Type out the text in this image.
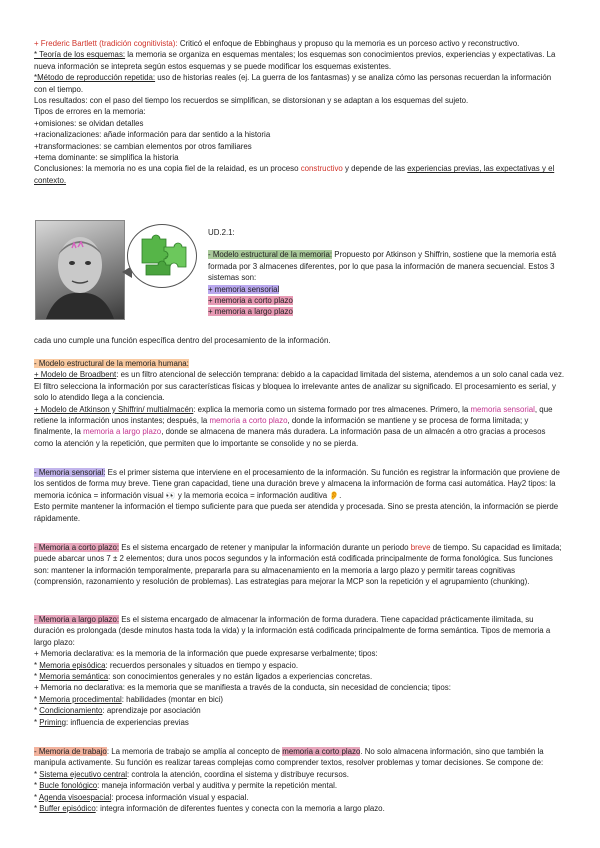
+ Frederic Bartlett (tradición cognitivista): Criticó el enfoque de Ebbinghaus y propuso qu la memoria es un porceso activo y reconstructivo.

* Teoría de los esquemas: la memoria se organiza en esquemas mentales; los esquemas son conocimientos previos, experiencias y expectativas. La nueva información se intepreta según estos esquemas y se puede modificar los esquemas existentes.

*Método de reproducción repetida: uso de historias reales (ej. La guerra de los fantasmas) y se analiza cómo las personas recuerdan la información con el tiempo.

Los resultados: con el paso del tiempo los recuerdos se simplifican, se distorsionan y se adaptan a los esquemas del sujeto.

Tipos de errores en la memoria:

+omisiones: se olvidan detalles

+racionalizaciones: añade información para dar sentido a la historia

+transformaciones: se cambian elementos por otros familiares

+tema dominante: se simplifica la historia

Conclusiones: la memoria no es una copia fiel de la relaidad, es un proceso constructivo y depende de las experiencias previas, las expectativas y el contexto.

UD.2.1:

- Modelo estructural de la memoria: Propuesto por Atkinson y Shiffrin, sostiene que la memoria está formada por 3 almacenes diferentes, por lo que pasa la información de manera secuencial. Estos 3 sistemas son:

+ memoria sensorial

+ memoria a corto plazo

+ memoria a largo plazo

cada uno cumple una función específica dentro del procesamiento de la información.

- Modelo estructural de la memoria humana:

+ Modelo de Broadbent: es un filtro atencional de selección temprana: debido a la capacidad limitada del sistema, atendemos a un solo canal cada vez. El filtro selecciona la información por sus características físicas y bloquea lo irrelevante antes de analizar su significado. El procesamiento es serial, y solo lo atendido llega a la conciencia.

+ Modelo de Atkinson y Shiffrin/ multialmacén: explica la memoria como un sistema formado por tres almacenes. Primero, la memoria sensorial, que retiene la información unos instantes; después, la memoria a corto plazo, donde la información se mantiene y se procesa de forma limitada; y finalmente, la memoria a largo plazo, donde se almacena de manera más duradera. La información pasa de un almacén a otro gracias a procesos como la atención y la repetición, que permiten que lo importante se consolide y no se pierda.

- Memoria sensorial: Es el primer sistema que interviene en el procesamiento de la información. Su función es registrar la información que proviene de los sentidos de forma muy breve. Tiene gran capacidad, tiene una duración breve y almacena la información de forma casi automática. Hay2 tipos: la memoria icónica = información visual 👀 y la memoria ecoica = información auditiva 👂.

Esto permite mantener la información el tiempo suficiente para que pueda ser atendida y procesada. Sino se presta atención, la información se pierde rápidamente.

- Memoria a corto plazo: Es el sistema encargado de retener y manipular la información durante un periodo breve de tiempo. Su capacidad es limitada; puede abarcar unos 7 ± 2 elementos; dura unos pocos segundos y la información está codificada principalmente de forma fonológica. Sus funciones son: mantener la información temporalmente, prepararla para su almacenamiento en la memoria a largo plazo y permitir tareas cognitivas (comprensión, razonamiento y resolución de problemas). Las estrategias para mejorar la MCP son la repetición y el agrupamiento (chunking).

- Memoria a largo plazo: Es el sistema encargado de almacenar la información de forma duradera. Tiene capacidad prácticamente ilimitada, su duración es prolongada (desde minutos hasta toda la vida) y la información está codificada principalmente de forma semántica. Tipos de memoria a largo plazo:

+ Memoria declarativa: es la memoria de la información que puede expresarse verbalmente; tipos:

* Memoria episódica: recuerdos personales y situados en tiempo y espacio.

* Memoria semántica: son conocimientos generales y no están ligados a experiencias concretas.

+ Memoria no declarativa: es la memoria que se manifiesta a través de la conducta, sin necesidad de conciencia; tipos:

* Memoria procedimental: habilidades (montar en bici)

* Condicionamiento: aprendizaje por asociación

* Priming: influencia de experiencias previas

- Memoria de trabajo: La memoria de trabajo se amplía al concepto de memoria a corto plazo. No solo almacena información, sino que también la manipula activamente. Su función es realizar tareas complejas como comprender textos, resolver problemas y tomar decisiones. Se compone de:

* Sistema ejecutivo central: controla la atención, coordina el sistema y distribuye recursos.

* Bucle fonológico: maneja información verbal y auditiva y permite la repetición mental.

* Agenda visoespacial: procesa información visual y espacial.

* Buffer episódico: integra información de diferentes fuentes y conecta con la memoria a largo plazo.
